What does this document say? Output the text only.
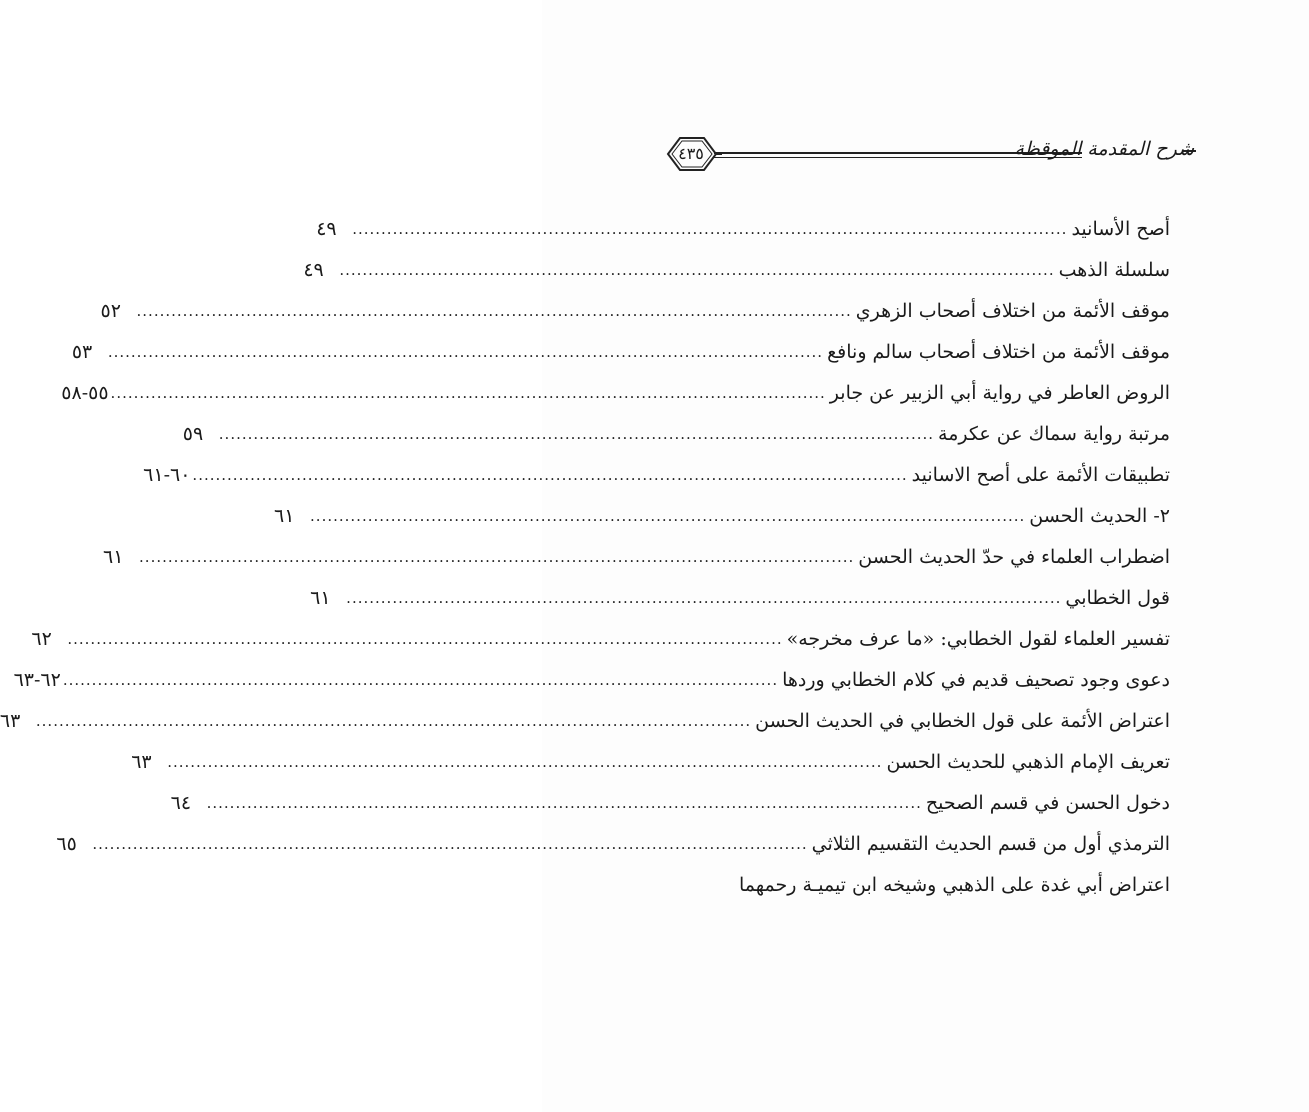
شرح المقدمة الموقظة
٤٣٥
أصح الأسانيد
............................................................................................................................
٤٩
سلسلة الذهب
............................................................................................................................
٤٩
موقف الأئمة من اختلاف أصحاب الزهري
............................................................................................................................
٥٢
موقف الأئمة من اختلاف أصحاب سالم ونافع
............................................................................................................................
٥٣
الروض العاطر في رواية أبي الزبير عن جابر
............................................................................................................................
٥٥-٥٨
مرتبة رواية سماك عن عكرمة
............................................................................................................................
٥٩
تطبيقات الأئمة على أصح الاسانيد
............................................................................................................................
٦٠-٦١
٢- الحديث الحسن
............................................................................................................................
٦١
اضطراب العلماء في حدّ الحديث الحسن
............................................................................................................................
٦١
قول الخطابي
............................................................................................................................
٦١
تفسير العلماء لقول الخطابي: «ما عرف مخرجه»
............................................................................................................................
٦٢
دعوى وجود تصحيف قديم في كلام الخطابي وردها
............................................................................................................................
٦٢-٦٣
اعتراض الأئمة على قول الخطابي في الحديث الحسن
............................................................................................................................
٦٣
تعريف الإمام الذهبي للحديث الحسن
............................................................................................................................
٦٣
دخول الحسن في قسم الصحيح
............................................................................................................................
٦٤
الترمذي أول من قسم الحديث التقسيم الثلاثي
............................................................................................................................
٦٥
اعتراض أبي غدة على الذهبي وشيخه ابن تيميـة رحمهما
